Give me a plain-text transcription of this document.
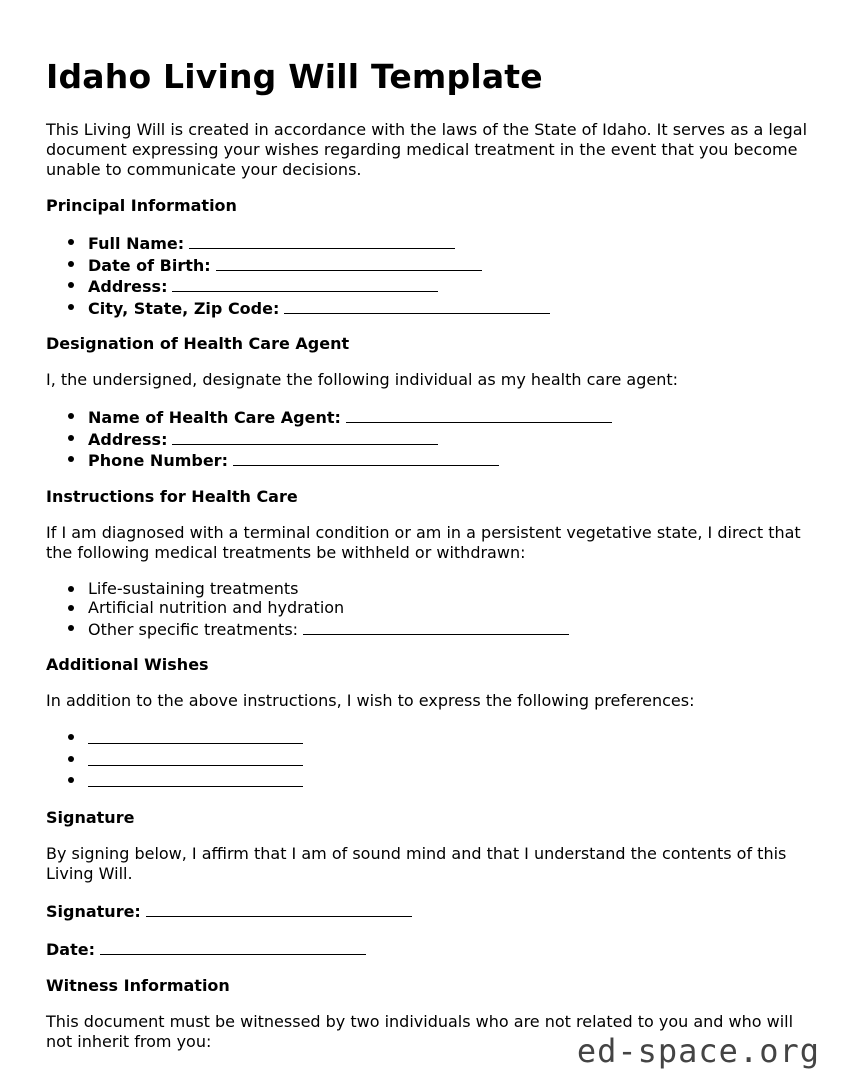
Idaho Living Will Template

This Living Will is created in accordance with the laws of the State of Idaho. It serves as a legal document expressing your wishes regarding medical treatment in the event that you become unable to communicate your decisions.

Principal Information
Full Name:
Date of Birth:
Address:
City, State, Zip Code:
Designation of Health Care Agent

I, the undersigned, designate the following individual as my health care agent:

Name of Health Care Agent:
Address:
Phone Number:
Instructions for Health Care

If I am diagnosed with a terminal condition or am in a persistent vegetative state, I direct that the following medical treatments be withheld or withdrawn:

Life-sustaining treatments
Artificial nutrition and hydration
Other specific treatments:
Additional Wishes

In addition to the above instructions, I wish to express the following preferences:

Signature

By signing below, I affirm that I am of sound mind and that I understand the contents of this Living Will.

Signature:
Date:
Witness Information

This document must be witnessed by two individuals who are not related to you and who will not inherit from you:	ed-space.org
